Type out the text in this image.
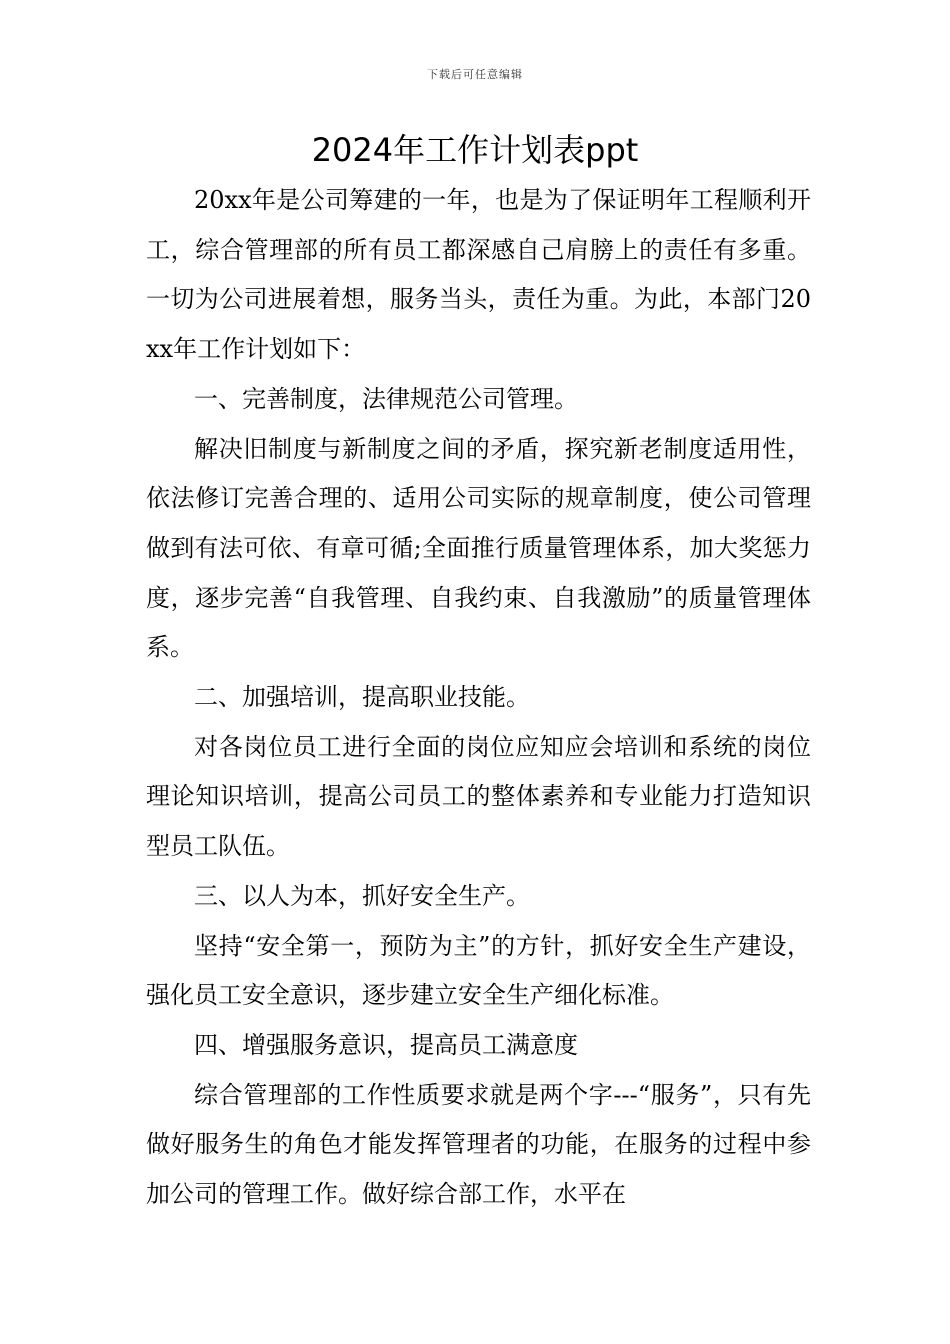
下载后可任意编辑
2024年工作计划表ppt

20xx年是公司筹建的一年，也是为了保证明年工程顺利开工，综合管理部的所有员工都深感自己肩膀上的责任有多重。一切为公司进展着想，服务当头，责任为重。为此，本部门20xx年工作计划如下：

一、完善制度，法律规范公司管理。

解决旧制度与新制度之间的矛盾，探究新老制度适用性，依法修订完善合理的、适用公司实际的规章制度，使公司管理做到有法可依、有章可循;全面推行质量管理体系，加大奖惩力度，逐步完善“自我管理、自我约束、自我激励”的质量管理体系。

二、加强培训，提高职业技能。

对各岗位员工进行全面的岗位应知应会培训和系统的岗位理论知识培训，提高公司员工的整体素养和专业能力打造知识型员工队伍。

三、以人为本，抓好安全生产。

坚持“安全第一，预防为主”的方针，抓好安全生产建设，强化员工安全意识，逐步建立安全生产细化标准。

四、增强服务意识，提高员工满意度

综合管理部的工作性质要求就是两个字---“服务”，只有先做好服务生的角色才能发挥管理者的功能，在服务的过程中参加公司的管理工作。做好综合部工作，水平在
